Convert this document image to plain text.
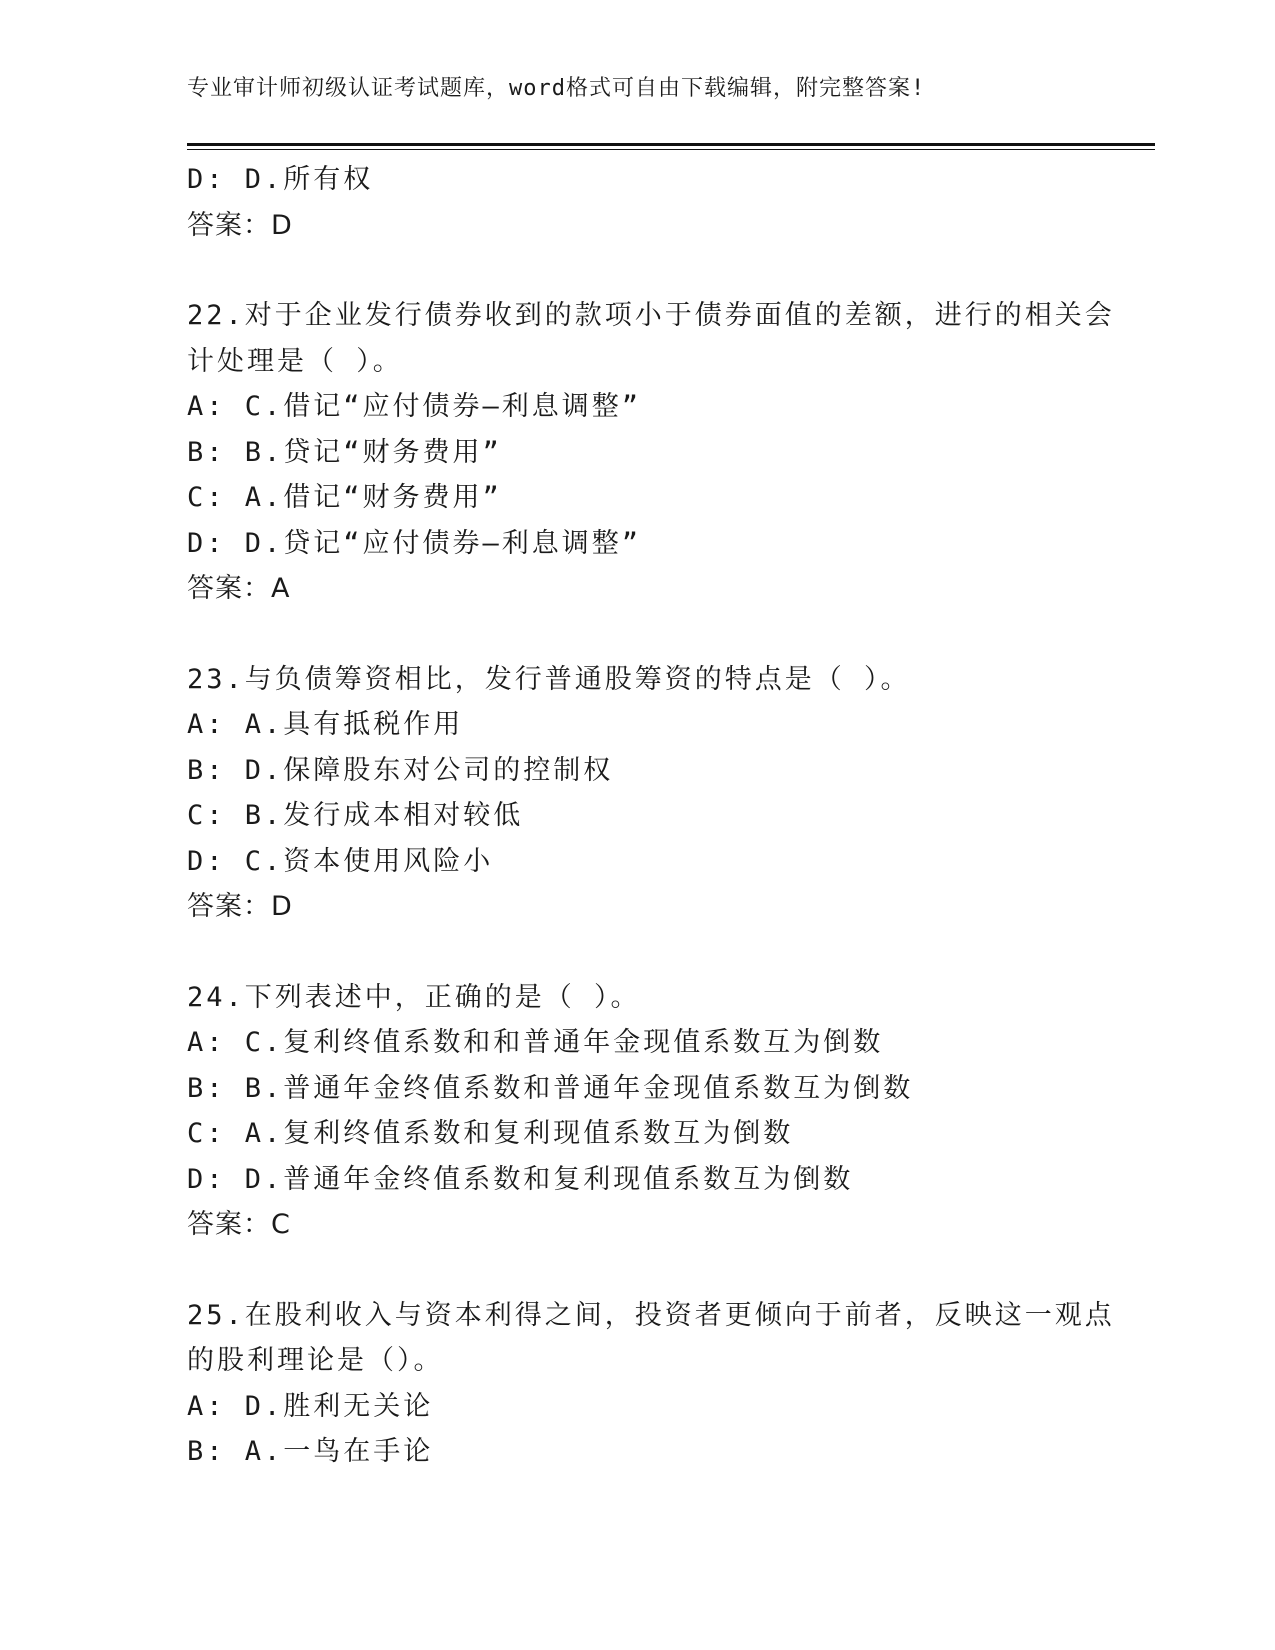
专业审计师初级认证考试题库，word格式可自由下载编辑，附完整答案!
D: D.所有权
答案：D
22.对于企业发行债券收到的款项小于债券面值的差额，进行的相关会
计处理是（ ）。
A: C.借记“应付债券—利息调整”
B: B.贷记“财务费用”
C: A.借记“财务费用”
D: D.贷记“应付债券—利息调整”
答案：A
23.与负债筹资相比，发行普通股筹资的特点是（ ）。
A: A.具有抵税作用
B: D.保障股东对公司的控制权
C: B.发行成本相对较低
D: C.资本使用风险小
答案：D
24.下列表述中，正确的是（ ）。
A: C.复利终值系数和和普通年金现值系数互为倒数
B: B.普通年金终值系数和普通年金现值系数互为倒数
C: A.复利终值系数和复利现值系数互为倒数
D: D.普通年金终值系数和复利现值系数互为倒数
答案：C
25.在股利收入与资本利得之间，投资者更倾向于前者，反映这一观点
的股利理论是（）。
A: D.胜利无关论
B: A.一鸟在手论
